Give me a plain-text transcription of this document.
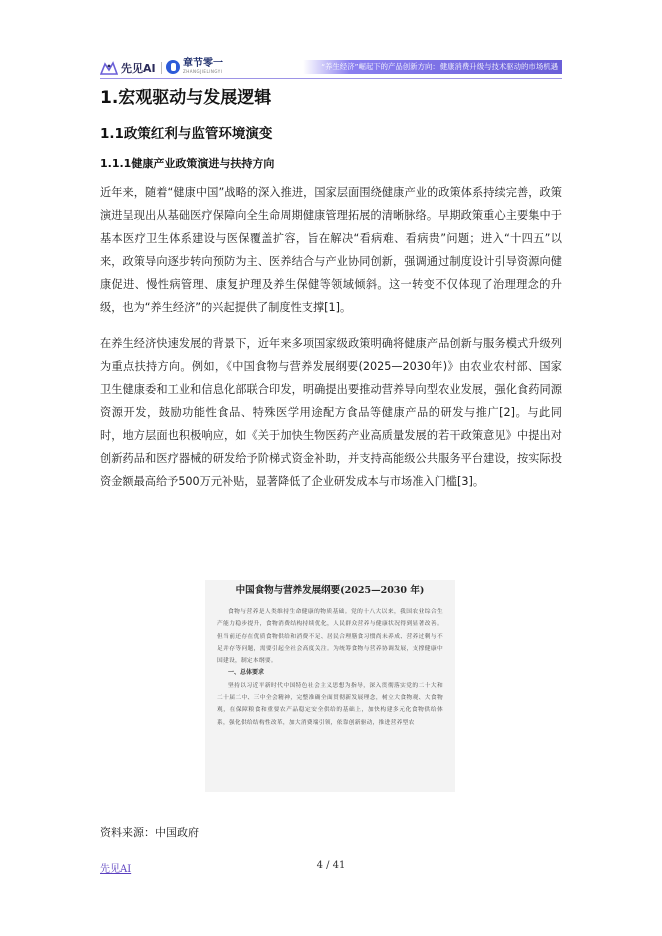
先见AI	章节零一
ZHANGJIELINGYI
“养生经济”崛起下的产品创新方向：健康消费升级与技术驱动的市场机遇
1.宏观驱动与发展逻辑
1.1政策红利与监管环境演变
1.1.1健康产业政策演进与扶持方向

近年来，随着“健康中国”战略的深入推进，国家层面围绕健康产业的政策体系持续完善，政策演进呈现出从基础医疗保障向全生命周期健康管理拓展的清晰脉络。早期政策重心主要集中于基本医疗卫生体系建设与医保覆盖扩容，旨在解决“看病难、看病贵”问题；进入“十四五”以来，政策导向逐步转向预防为主、医养结合与产业协同创新，强调通过制度设计引导资源向健康促进、慢性病管理、康复护理及养生保健等领域倾斜。这一转变不仅体现了治理理念的升级，也为“养生经济”的兴起提供了制度性支撑[1]。

在养生经济快速发展的背景下，近年来多项国家级政策明确将健康产品创新与服务模式升级列为重点扶持方向。例如，《中国食物与营养发展纲要(2025—2030年)》由农业农村部、国家卫生健康委和工业和信息化部联合印发，明确提出要推动营养导向型农业发展，强化食药同源资源开发，鼓励功能性食品、特殊医学用途配方食品等健康产品的研发与推广[2]。与此同时，地方层面也积极响应，如《关于加快生物医药产业高质量发展的若干政策意见》中提出对创新药品和医疗器械的研发给予阶梯式资金补助，并支持高能级公共服务平台建设，按实际投资金额最高给予500万元补贴，显著降低了企业研发成本与市场准入门槛[3]。

中国食物与营养发展纲要(2025—2030 年)
食物与营养是人类维持生命健康的物质基础。党的十八大以来，我国农业综合生产能力稳步提升，食物消费结构持续优化，人民群众营养与健康状况得到显著改善。但当前还存在优质食物供给和消费不足、居民合理膳食习惯尚未养成、营养过剩与不足并存等问题，需要引起全社会高度关注。为统筹食物与营养协调发展，支撑健康中国建设，制定本纲要。
一、总体要求
坚持以习近平新时代中国特色社会主义思想为指导，深入贯彻落实党的二十大和二十届二中、三中全会精神，完整准确全面贯彻新发展理念，树立大食物观、大食物观，在保障粮食和重要农产品稳定安全供给的基础上，加快构建多元化食物供给体系，强化供给结构性改革，加大消费端引领，依靠创新驱动，推进营养型农
资料来源：中国政府
先见AI	4 / 41
